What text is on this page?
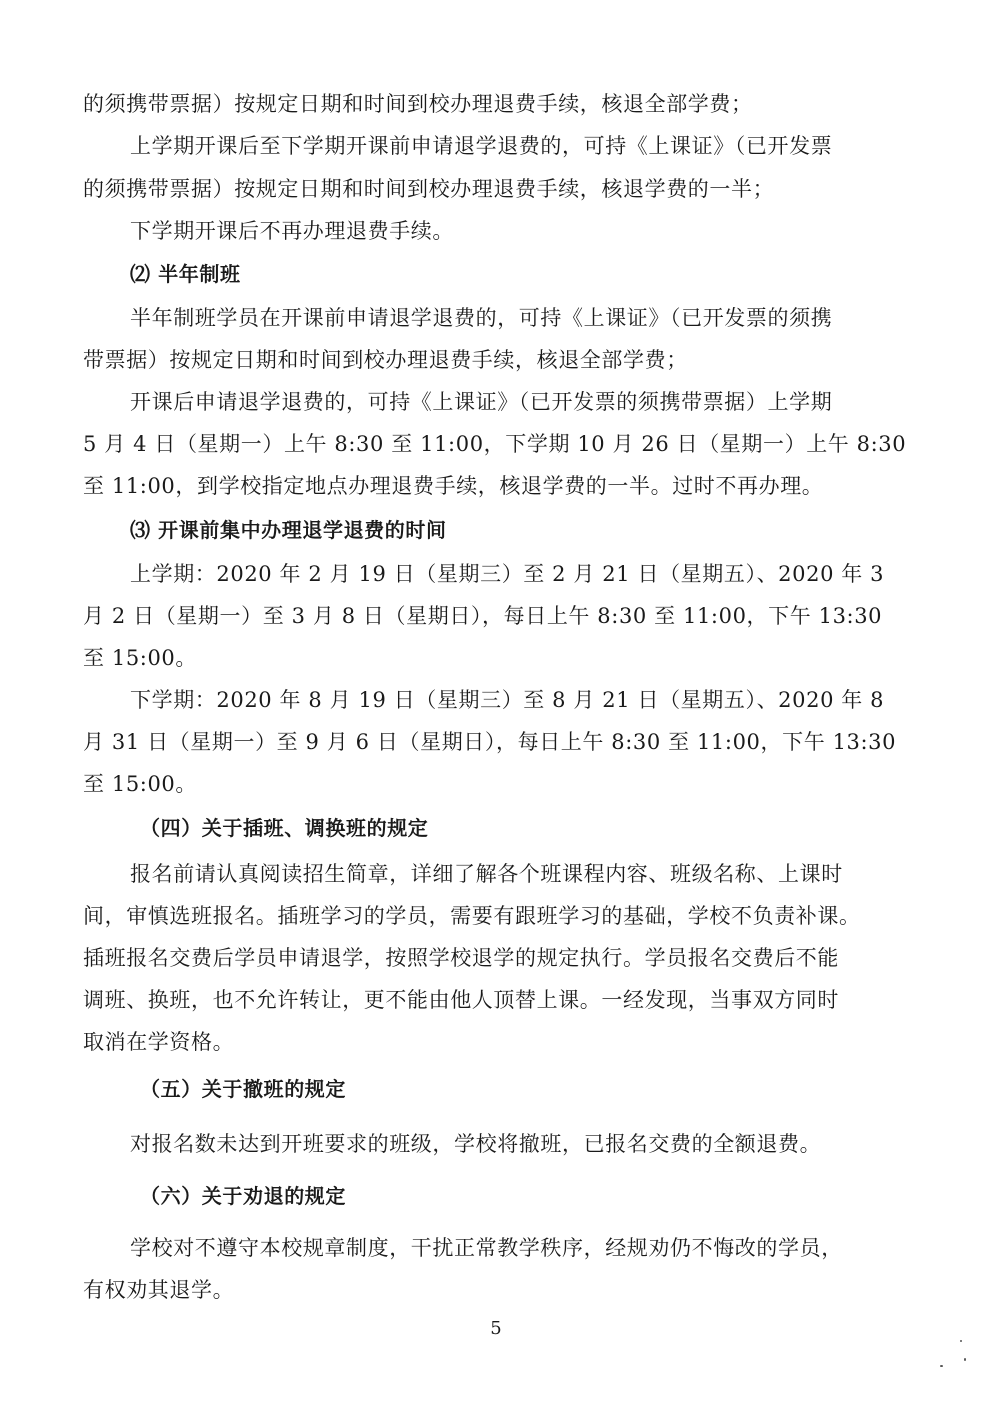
的须携带票据）按规定日期和时间到校办理退费手续，核退全部学费；
上学期开课后至下学期开课前申请退学退费的，可持《上课证》（已开发票
的须携带票据）按规定日期和时间到校办理退费手续，核退学费的一半；
下学期开课后不再办理退费手续。
⑵ 半年制班
半年制班学员在开课前申请退学退费的，可持《上课证》（已开发票的须携
带票据）按规定日期和时间到校办理退费手续，核退全部学费；
开课后申请退学退费的，可持《上课证》（已开发票的须携带票据）上学期
5 月 4 日（星期一）上午 8:30 至 11:00，下学期 10 月 26 日（星期一）上午 8:30
至 11:00，到学校指定地点办理退费手续，核退学费的一半。过时不再办理。
⑶ 开课前集中办理退学退费的时间
上学期：2020 年 2 月 19 日（星期三）至 2 月 21 日（星期五）、2020 年 3
月 2 日（星期一）至 3 月 8 日（星期日），每日上午 8:30 至 11:00，下午 13:30
至 15:00。
下学期：2020 年 8 月 19 日（星期三）至 8 月 21 日（星期五）、2020 年 8
月 31 日（星期一）至 9 月 6 日（星期日），每日上午 8:30 至 11:00，下午 13:30
至 15:00。
（四）关于插班、调换班的规定
报名前请认真阅读招生简章，详细了解各个班课程内容、班级名称、上课时
间，审慎选班报名。插班学习的学员，需要有跟班学习的基础，学校不负责补课。
插班报名交费后学员申请退学，按照学校退学的规定执行。学员报名交费后不能
调班、换班，也不允许转让，更不能由他人顶替上课。一经发现，当事双方同时
取消在学资格。
（五）关于撤班的规定
对报名数未达到开班要求的班级，学校将撤班，已报名交费的全额退费。
（六）关于劝退的规定
学校对不遵守本校规章制度，干扰正常教学秩序，经规劝仍不悔改的学员，
有权劝其退学。
5
